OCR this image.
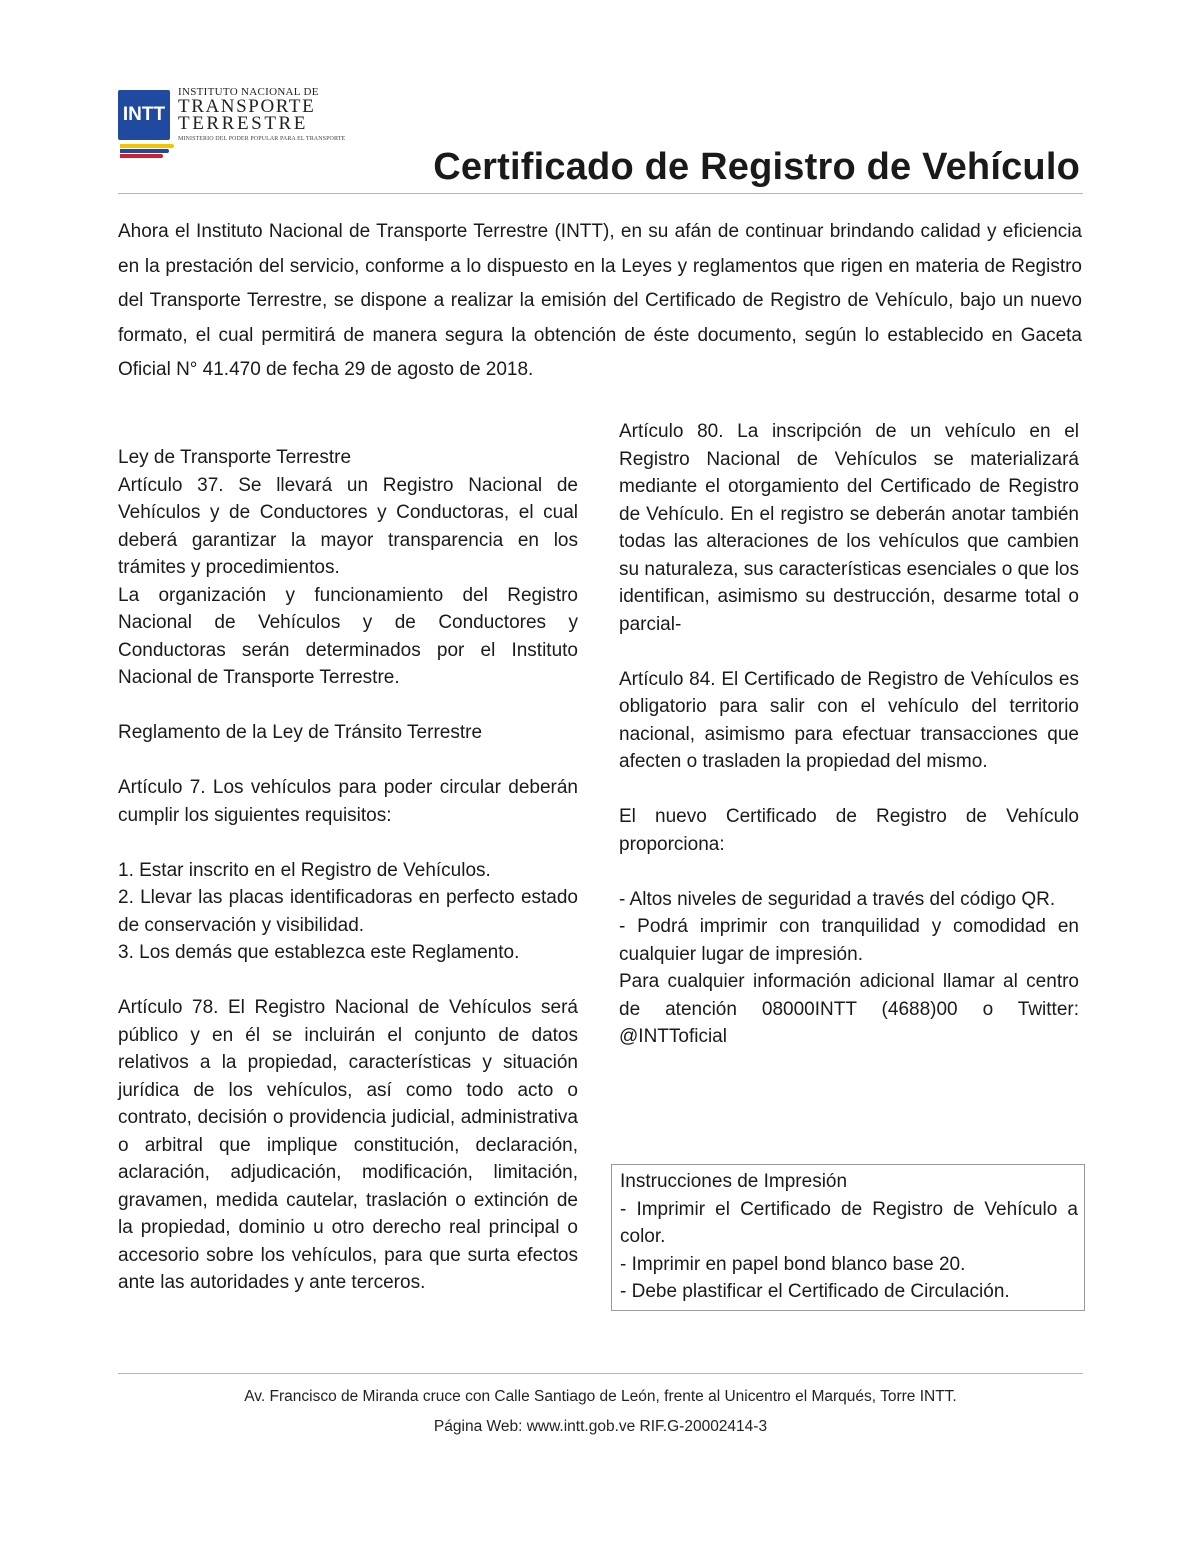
INTT
INSTITUTO NACIONAL DE
TRANSPORTE
TERRESTRE
MINISTERIO DEL PODER POPULAR PARA EL TRANSPORTE
Certificado de Registro de Vehículo

Ahora el Instituto Nacional de Transporte Terrestre (INTT), en su afán de continuar brindando calidad y eficiencia en la prestación del servicio, conforme a lo dispuesto en la Leyes y reglamentos que rigen en materia de Registro del Transporte Terrestre, se dispone a realizar la emisión del Certificado de Registro de Vehículo, bajo un nuevo formato, el cual permitirá de manera segura la obtención de éste documento, según lo establecido en Gaceta Oficial N° 41.470 de fecha 29 de agosto de 2018.

Ley de Transporte Terrestre

Artículo 37. Se llevará un Registro Nacional de Vehículos y de Conductores y Conductoras, el cual deberá garantizar la mayor transparencia en los trámites y procedimientos.

La organización y funcionamiento del Registro Nacional de Vehículos y de Conductores y Conductoras serán determinados por el Instituto Nacional de Transporte Terrestre.

Reglamento de la Ley de Tránsito Terrestre

Artículo 7. Los vehículos para poder circular deberán cumplir los siguientes requisitos:

1. Estar inscrito en el Registro de Vehículos.

2. Llevar las placas identificadoras en perfecto estado de conservación y visibilidad.

3. Los demás que establezca este Reglamento.

Artículo 78. El Registro Nacional de Vehículos será público y en él se incluirán el conjunto de datos relativos a la propiedad, características y situación jurídica de los vehículos, así como todo acto o contrato, decisión o providencia judicial, administrativa o arbitral que implique constitución, declaración, aclaración, adjudicación, modificación, limitación, gravamen, medida cautelar, traslación o extinción de la propiedad, dominio u otro derecho real principal o accesorio sobre los vehículos, para que surta efectos ante las autoridades y ante terceros.

Artículo 80. La inscripción de un vehículo en el Registro Nacional de Vehículos se materializará mediante el otorgamiento del Certificado de Registro de Vehículo. En el registro se deberán anotar también todas las alteraciones de los vehículos que cambien su naturaleza, sus características esenciales o que los identifican, asimismo su destrucción, desarme total o parcial-

Artículo 84. El Certificado de Registro de Vehículos es obligatorio para salir con el vehículo del territorio nacional, asimismo para efectuar transacciones que afecten o trasladen la propiedad del mismo.

El nuevo Certificado de Registro de Vehículo proporciona:

- Altos niveles de seguridad a través del código QR.

- Podrá imprimir con tranquilidad y comodidad en cualquier lugar de impresión.

Para cualquier información adicional llamar al centro de atención 08000INTT (4688)00 o Twitter: @INTToficial

Instrucciones de Impresión

- Imprimir el Certificado de Registro de Vehículo a color.

- Imprimir en papel bond blanco base 20.

- Debe plastificar el Certificado de Circulación.

Av. Francisco de Miranda cruce con Calle Santiago de León, frente al Unicentro el Marqués, Torre INTT.
Página Web: www.intt.gob.ve RIF.G-20002414-3
